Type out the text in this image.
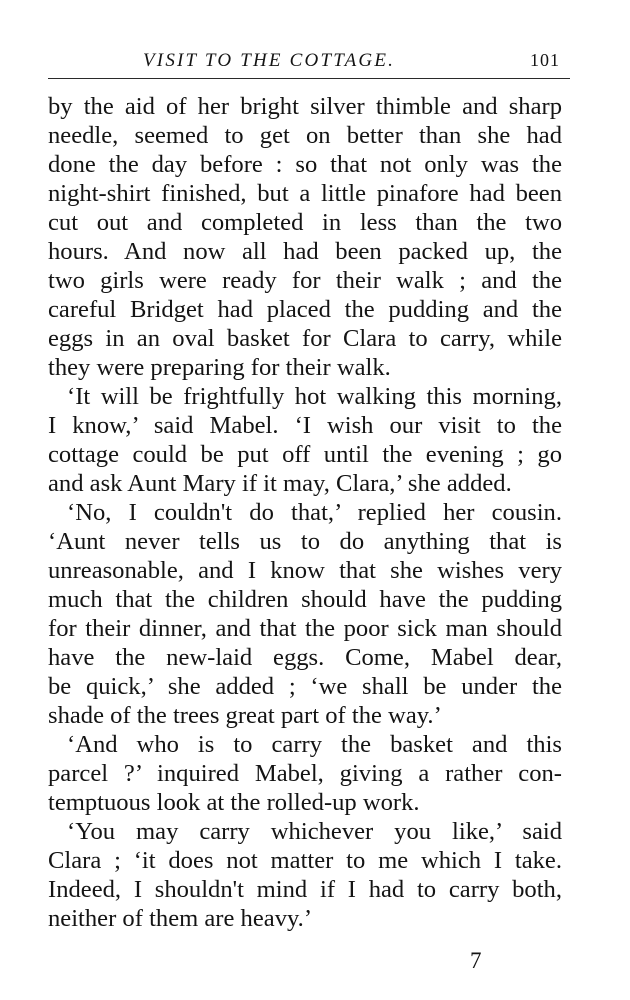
VISIT TO THE COTTAGE.	101
by the aid of her bright silver thimble and sharp
needle, seemed to get on better than she had
done the day before : so that not only was the
night-shirt finished, but a little pinafore had been
cut out and completed in less than the two
hours. And now all had been packed up, the
two girls were ready for their walk ; and the
careful Bridget had placed the pudding and the
eggs in an oval basket for Clara to carry, while
they were preparing for their walk.
‘It will be frightfully hot walking this morning,
I know,’ said Mabel. ‘I wish our visit to the
cottage could be put off until the evening ; go
and ask Aunt Mary if it may, Clara,’ she added.
‘No, I couldn't do that,’ replied her cousin.
‘Aunt never tells us to do anything that is
unreasonable, and I know that she wishes very
much that the children should have the pudding
for their dinner, and that the poor sick man should
have the new-laid eggs. Come, Mabel dear,
be quick,’ she added ; ‘we shall be under the
shade of the trees great part of the way.’
‘And who is to carry the basket and this
parcel ?’ inquired Mabel, giving a rather con-
temptuous look at the rolled-up work.
‘You may carry whichever you like,’ said
Clara ; ‘it does not matter to me which I take.
Indeed, I shouldn't mind if I had to carry both,
neither of them are heavy.’
7
